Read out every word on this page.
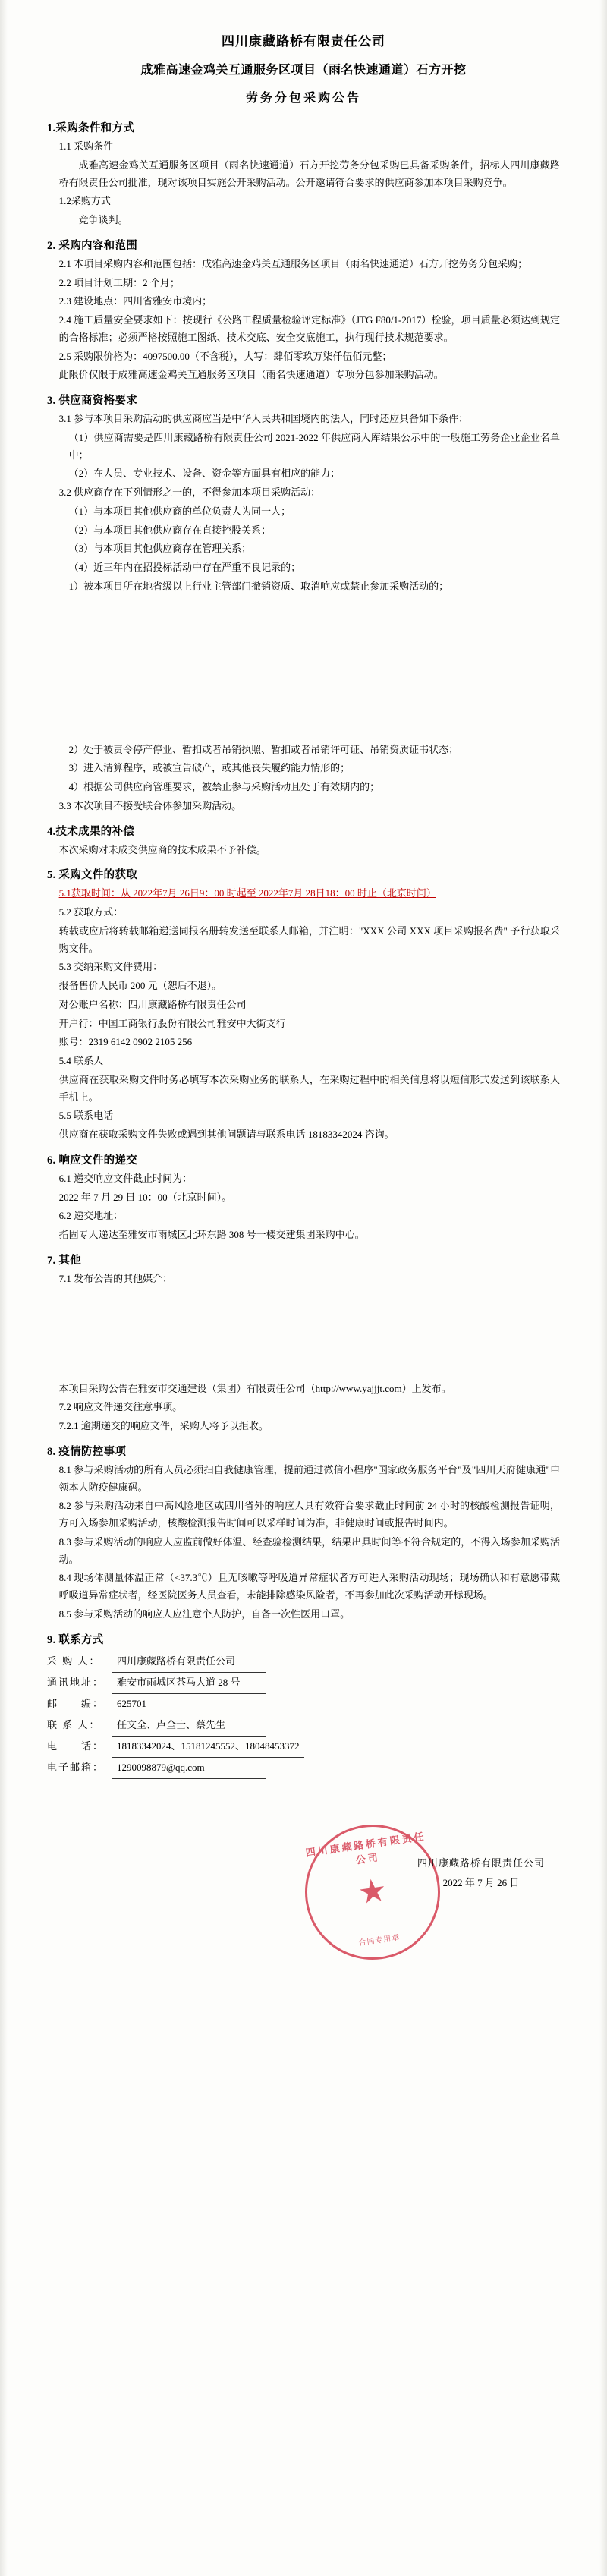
四川康藏路桥有限责任公司
成雅高速金鸡关互通服务区项目（雨名快速通道）石方开挖
劳务分包采购公告
1.采购条件和方式
1.1 采购条件
成雅高速金鸡关互通服务区项目（雨名快速通道）石方开挖劳务分包采购已具备采购条件，招标人四川康藏路桥有限责任公司批准，现对该项目实施公开采购活动。公开邀请符合要求的供应商参加本项目采购竞争。
1.2采购方式
竞争谈判。
2. 采购内容和范围
2.1 本项目采购内容和范围包括：成雅高速金鸡关互通服务区项目（雨名快速通道）石方开挖劳务分包采购；
2.2 项目计划工期：2 个月；
2.3 建设地点：四川省雅安市境内；
2.4 施工质量安全要求如下：按现行《公路工程质量检验评定标准》（JTG F80/1-2017）检验，项目质量必须达到规定的合格标准；必须严格按照施工图纸、技术交底、安全交底施工，执行现行技术规范要求。
2.5 采购限价格为：4097500.00（不含税），大写：肆佰零玖万柒仟伍佰元整；
此限价仅限于成雅高速金鸡关互通服务区项目（雨名快速通道）专项分包参加采购活动。
3. 供应商资格要求
3.1 参与本项目采购活动的供应商应当是中华人民共和国境内的法人，同时还应具备如下条件：
（1）供应商需要是四川康藏路桥有限责任公司 2021-2022 年供应商入库结果公示中的一般施工劳务企业企业名单中；
（2）在人员、专业技术、设备、资金等方面具有相应的能力；
3.2 供应商存在下列情形之一的，不得参加本项目采购活动：
（1）与本项目其他供应商的单位负责人为同一人；
（2）与本项目其他供应商存在直接控股关系；
（3）与本项目其他供应商存在管理关系；
（4）近三年内在招投标活动中存在严重不良记录的；
1）被本项目所在地省级以上行业主管部门撤销资质、取消响应或禁止参加采购活动的；
2）处于被责令停产停业、暂扣或者吊销执照、暂扣或者吊销许可证、吊销资质证书状态；
3）进入清算程序，或被宣告破产，或其他丧失履约能力情形的；
4）根据公司供应商管理要求，被禁止参与采购活动且处于有效期内的；
3.3 本次项目不接受联合体参加采购活动。
4.技术成果的补偿
本次采购对未成交供应商的技术成果不予补偿。
5. 采购文件的获取
5.1获取时间：从 2022年7月 26日9：00 时起至 2022年7月 28日18：00 时止（北京时间）
5.2 获取方式：
转载或应后将转载邮箱递送同报名册转发送至联系人邮箱，并注明："XXX 公司 XXX 项目采购报名费" 予行获取采购文件。
5.3 交纳采购文件费用：
报备售价人民币 200 元（恕后不退）。
对公账户名称：四川康藏路桥有限责任公司
开户行：中国工商银行股份有限公司雅安中大街支行
账号：2319 6142 0902 2105 256
5.4 联系人
供应商在获取采购文件时务必填写本次采购业务的联系人，在采购过程中的相关信息将以短信形式发送到该联系人手机上。
5.5 联系电话
供应商在获取采购文件失败或遇到其他问题请与联系电话 18183342024 咨询。
6. 响应文件的递交
6.1 递交响应文件截止时间为：
2022 年 7 月 29 日 10：00（北京时间）。
6.2 递交地址：
指固专人递达至雅安市雨城区北环东路 308 号一楼交建集团采购中心。
7. 其他
7.1 发布公告的其他媒介：
本项目采购公告在雅安市交通建设（集团）有限责任公司（http://www.yajjjt.com）上发布。
7.2 响应文件递交往意事项。
7.2.1 逾期递交的响应文件，采购人将予以拒收。
8. 疫情防控事项
8.1 参与采购活动的所有人员必须扫自我健康管理，提前通过微信小程序"国家政务服务平台"及"四川天府健康通"申领本人防疫健康码。
8.2 参与采购活动来自中高风险地区或四川省外的响应人具有效符合要求截止时间前 24 小时的核酸检测报告证明，方可入场参加采购活动，核酸检测报告时间可以采样时间为准，非健康时间或报告时间内。
8.3 参与采购活动的响应人应监前做好体温、经查验检测结果，结果出具时间等不符合规定的，不得入场参加采购活动。
8.4 现场体测量体温正常（<37.3℃）且无咳嗽等呼吸道异常症状者方可进入采购活动现场；现场确认和有意愿带戴呼吸道异常症状者，经医院医务人员查看，未能排除感染风险者，不再参加此次采购活动开标现场。
8.5 参与采购活动的响应人应注意个人防护，自备一次性医用口罩。
9. 联系方式
采 购 人：	四川康藏路桥有限责任公司
通讯地址：	雅安市雨城区茶马大道 28 号
邮　　编：	625701
联 系 人：	任文全、卢全士、蔡先生
电　　话：	18183342024、15181245552、18048453372
电子邮箱：	1290098879@qq.com
四川康藏路桥有限责任公司
★
合同专用章
四川康藏路桥有限责任公司
2022 年 7 月 26 日
